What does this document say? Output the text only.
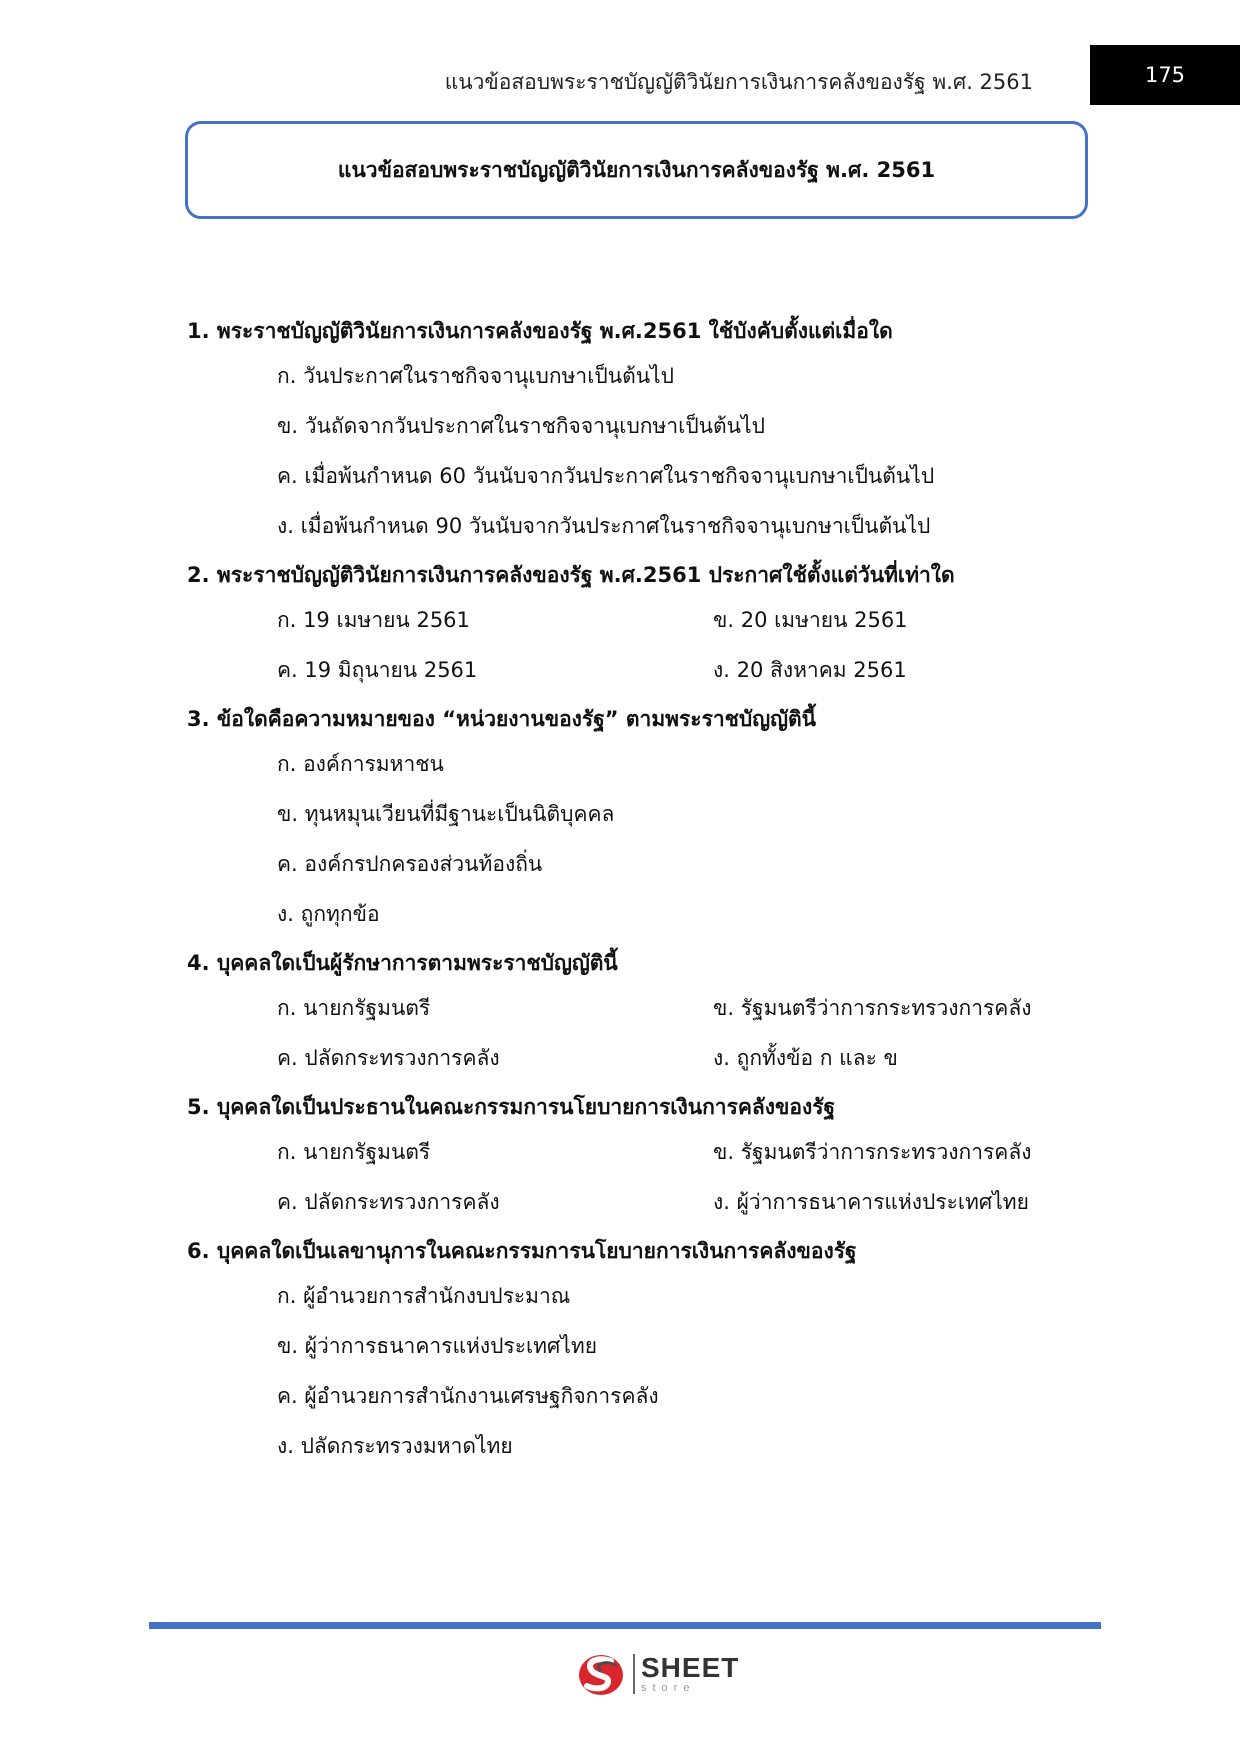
แนวข้อสอบพระราชบัญญัติวินัยการเงินการคลังของรัฐ พ.ศ. 2561	175
แนวข้อสอบพระราชบัญญัติวินัยการเงินการคลังของรัฐ พ.ศ. 2561
1. พระราชบัญญัติวินัยการเงินการคลังของรัฐ พ.ศ.2561 ใช้บังคับตั้งแต่เมื่อใด
ก. วันประกาศในราชกิจจานุเบกษาเป็นต้นไป
ข. วันถัดจากวันประกาศในราชกิจจานุเบกษาเป็นต้นไป
ค. เมื่อพ้นกำหนด 60 วันนับจากวันประกาศในราชกิจจานุเบกษาเป็นต้นไป
ง. เมื่อพ้นกำหนด 90 วันนับจากวันประกาศในราชกิจจานุเบกษาเป็นต้นไป
2. พระราชบัญญัติวินัยการเงินการคลังของรัฐ พ.ศ.2561 ประกาศใช้ตั้งแต่วันที่เท่าใด
ก. 19 เมษายน 2561	ข. 20 เมษายน 2561
ค. 19 มิถุนายน 2561	ง. 20 สิงหาคม 2561
3. ข้อใดคือความหมายของ “หน่วยงานของรัฐ” ตามพระราชบัญญัตินี้
ก. องค์การมหาชน
ข. ทุนหมุนเวียนที่มีฐานะเป็นนิติบุคคล
ค. องค์กรปกครองส่วนท้องถิ่น
ง. ถูกทุกข้อ
4. บุคคลใดเป็นผู้รักษาการตามพระราชบัญญัตินี้
ก. นายกรัฐมนตรี	ข. รัฐมนตรีว่าการกระทรวงการคลัง
ค. ปลัดกระทรวงการคลัง	ง. ถูกทั้งข้อ ก และ ข
5. บุคคลใดเป็นประธานในคณะกรรมการนโยบายการเงินการคลังของรัฐ
ก. นายกรัฐมนตรี	ข. รัฐมนตรีว่าการกระทรวงการคลัง
ค. ปลัดกระทรวงการคลัง	ง. ผู้ว่าการธนาคารแห่งประเทศไทย
6. บุคคลใดเป็นเลขานุการในคณะกรรมการนโยบายการเงินการคลังของรัฐ
ก. ผู้อำนวยการสำนักงบประมาณ
ข. ผู้ว่าการธนาคารแห่งประเทศไทย
ค. ผู้อำนวยการสำนักงานเศรษฐกิจการคลัง
ง. ปลัดกระทรวงมหาดไทย
SHEET
store
